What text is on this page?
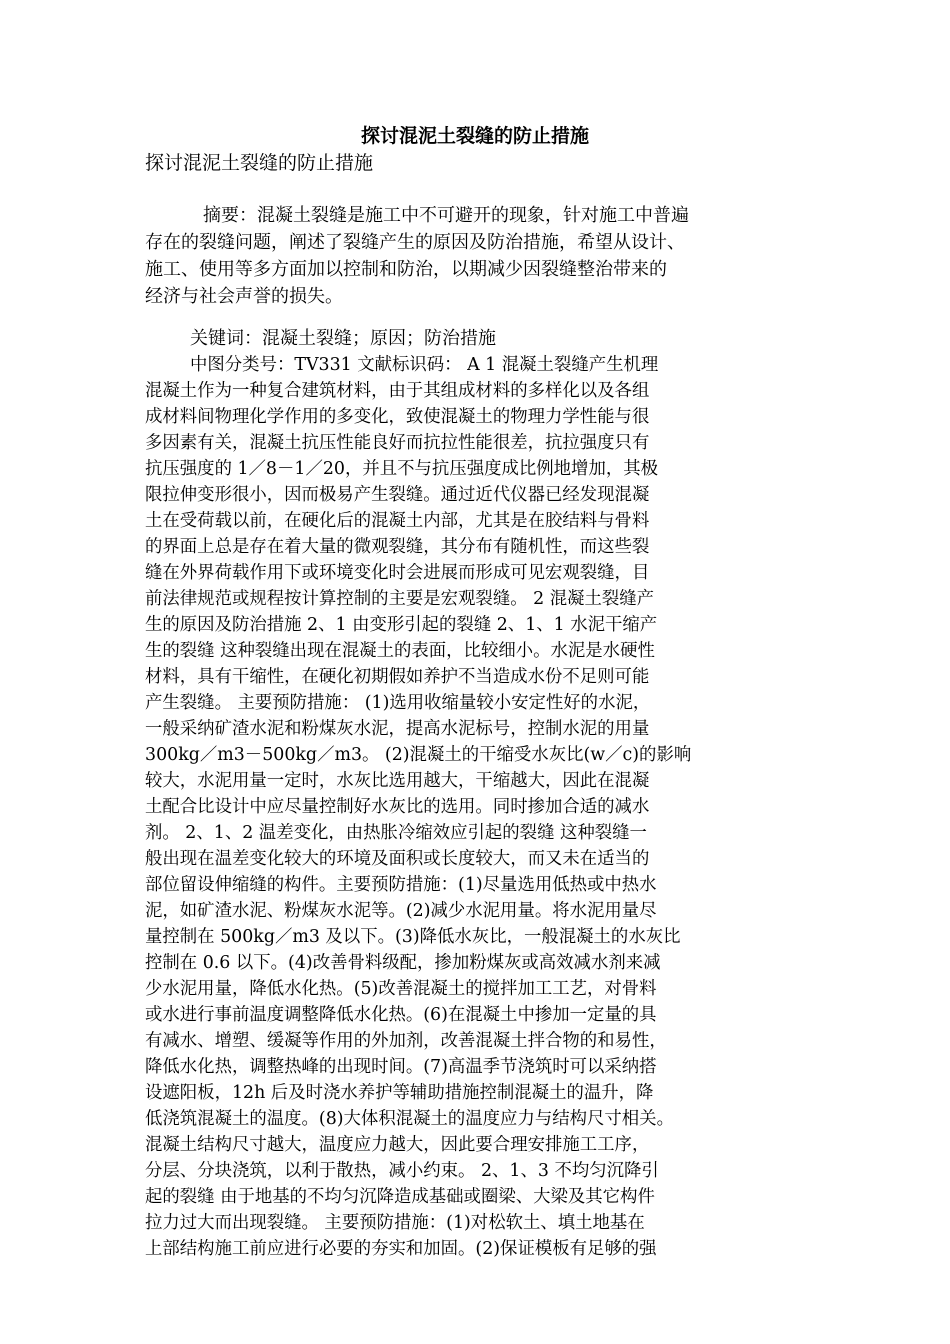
探讨混泥土裂缝的防止措施
探讨混泥土裂缝的防止措施
摘要：混凝土裂缝是施工中不可避开的现象，针对施工中普遍
存在的裂缝问题，阐述了裂缝产生的原因及防治措施，希望从设计、
施工、使用等多方面加以控制和防治，以期减少因裂缝整治带来的
经济与社会声誉的损失。
关键词：混凝土裂缝；原因；防治措施
中图分类号：TV331 文献标识码： A 1 混凝土裂缝产生机理
混凝土作为一种复合建筑材料，由于其组成材料的多样化以及各组
成材料间物理化学作用的多变化，致使混凝土的物理力学性能与很
多因素有关，混凝土抗压性能良好而抗拉性能很差，抗拉强度只有
抗压强度的 1／8－1／20，并且不与抗压强度成比例地增加，其极
限拉伸变形很小，因而极易产生裂缝。通过近代仪器已经发现混凝
土在受荷载以前，在硬化后的混凝土内部，尤其是在胶结料与骨料
的界面上总是存在着大量的微观裂缝，其分布有随机性，而这些裂
缝在外界荷载作用下或环境变化时会进展而形成可见宏观裂缝，目
前法律规范或规程按计算控制的主要是宏观裂缝。 2 混凝土裂缝产
生的原因及防治措施 2、1 由变形引起的裂缝 2、1、1 水泥干缩产
生的裂缝 这种裂缝出现在混凝土的表面，比较细小。水泥是水硬性
材料，具有干缩性，在硬化初期假如养护不当造成水份不足则可能
产生裂缝。 主要预防措施： (1)选用收缩量较小安定性好的水泥，
一般采纳矿渣水泥和粉煤灰水泥，提高水泥标号，控制水泥的用量
300kg／m3－500kg／m3。 (2)混凝土的干缩受水灰比(w／c)的影响
较大，水泥用量一定时，水灰比选用越大，干缩越大，因此在混凝
土配合比设计中应尽量控制好水灰比的选用。同时掺加合适的减水
剂。 2、1、2 温差变化，由热胀冷缩效应引起的裂缝 这种裂缝一
般出现在温差变化较大的环境及面积或长度较大，而又未在适当的
部位留设伸缩缝的构件。主要预防措施：(1)尽量选用低热或中热水
泥，如矿渣水泥、粉煤灰水泥等。(2)减少水泥用量。将水泥用量尽
量控制在 500kg／m3 及以下。(3)降低水灰比，一般混凝土的水灰比
控制在 0.6 以下。(4)改善骨料级配，掺加粉煤灰或高效减水剂来减
少水泥用量，降低水化热。(5)改善混凝土的搅拌加工工艺，对骨料
或水进行事前温度调整降低水化热。(6)在混凝土中掺加一定量的具
有减水、增塑、缓凝等作用的外加剂，改善混凝土拌合物的和易性，
降低水化热，调整热峰的出现时间。(7)高温季节浇筑时可以采纳搭
设遮阳板，12h 后及时浇水养护等辅助措施控制混凝土的温升，降
低浇筑混凝土的温度。(8)大体积混凝土的温度应力与结构尺寸相关。
混凝土结构尺寸越大，温度应力越大，因此要合理安排施工工序，
分层、分块浇筑，以利于散热，减小约束。 2、1、3 不均匀沉降引
起的裂缝 由于地基的不均匀沉降造成基础或圈梁、大梁及其它构件
拉力过大而出现裂缝。 主要预防措施：(1)对松软土、填土地基在
上部结构施工前应进行必要的夯实和加固。(2)保证模板有足够的强
